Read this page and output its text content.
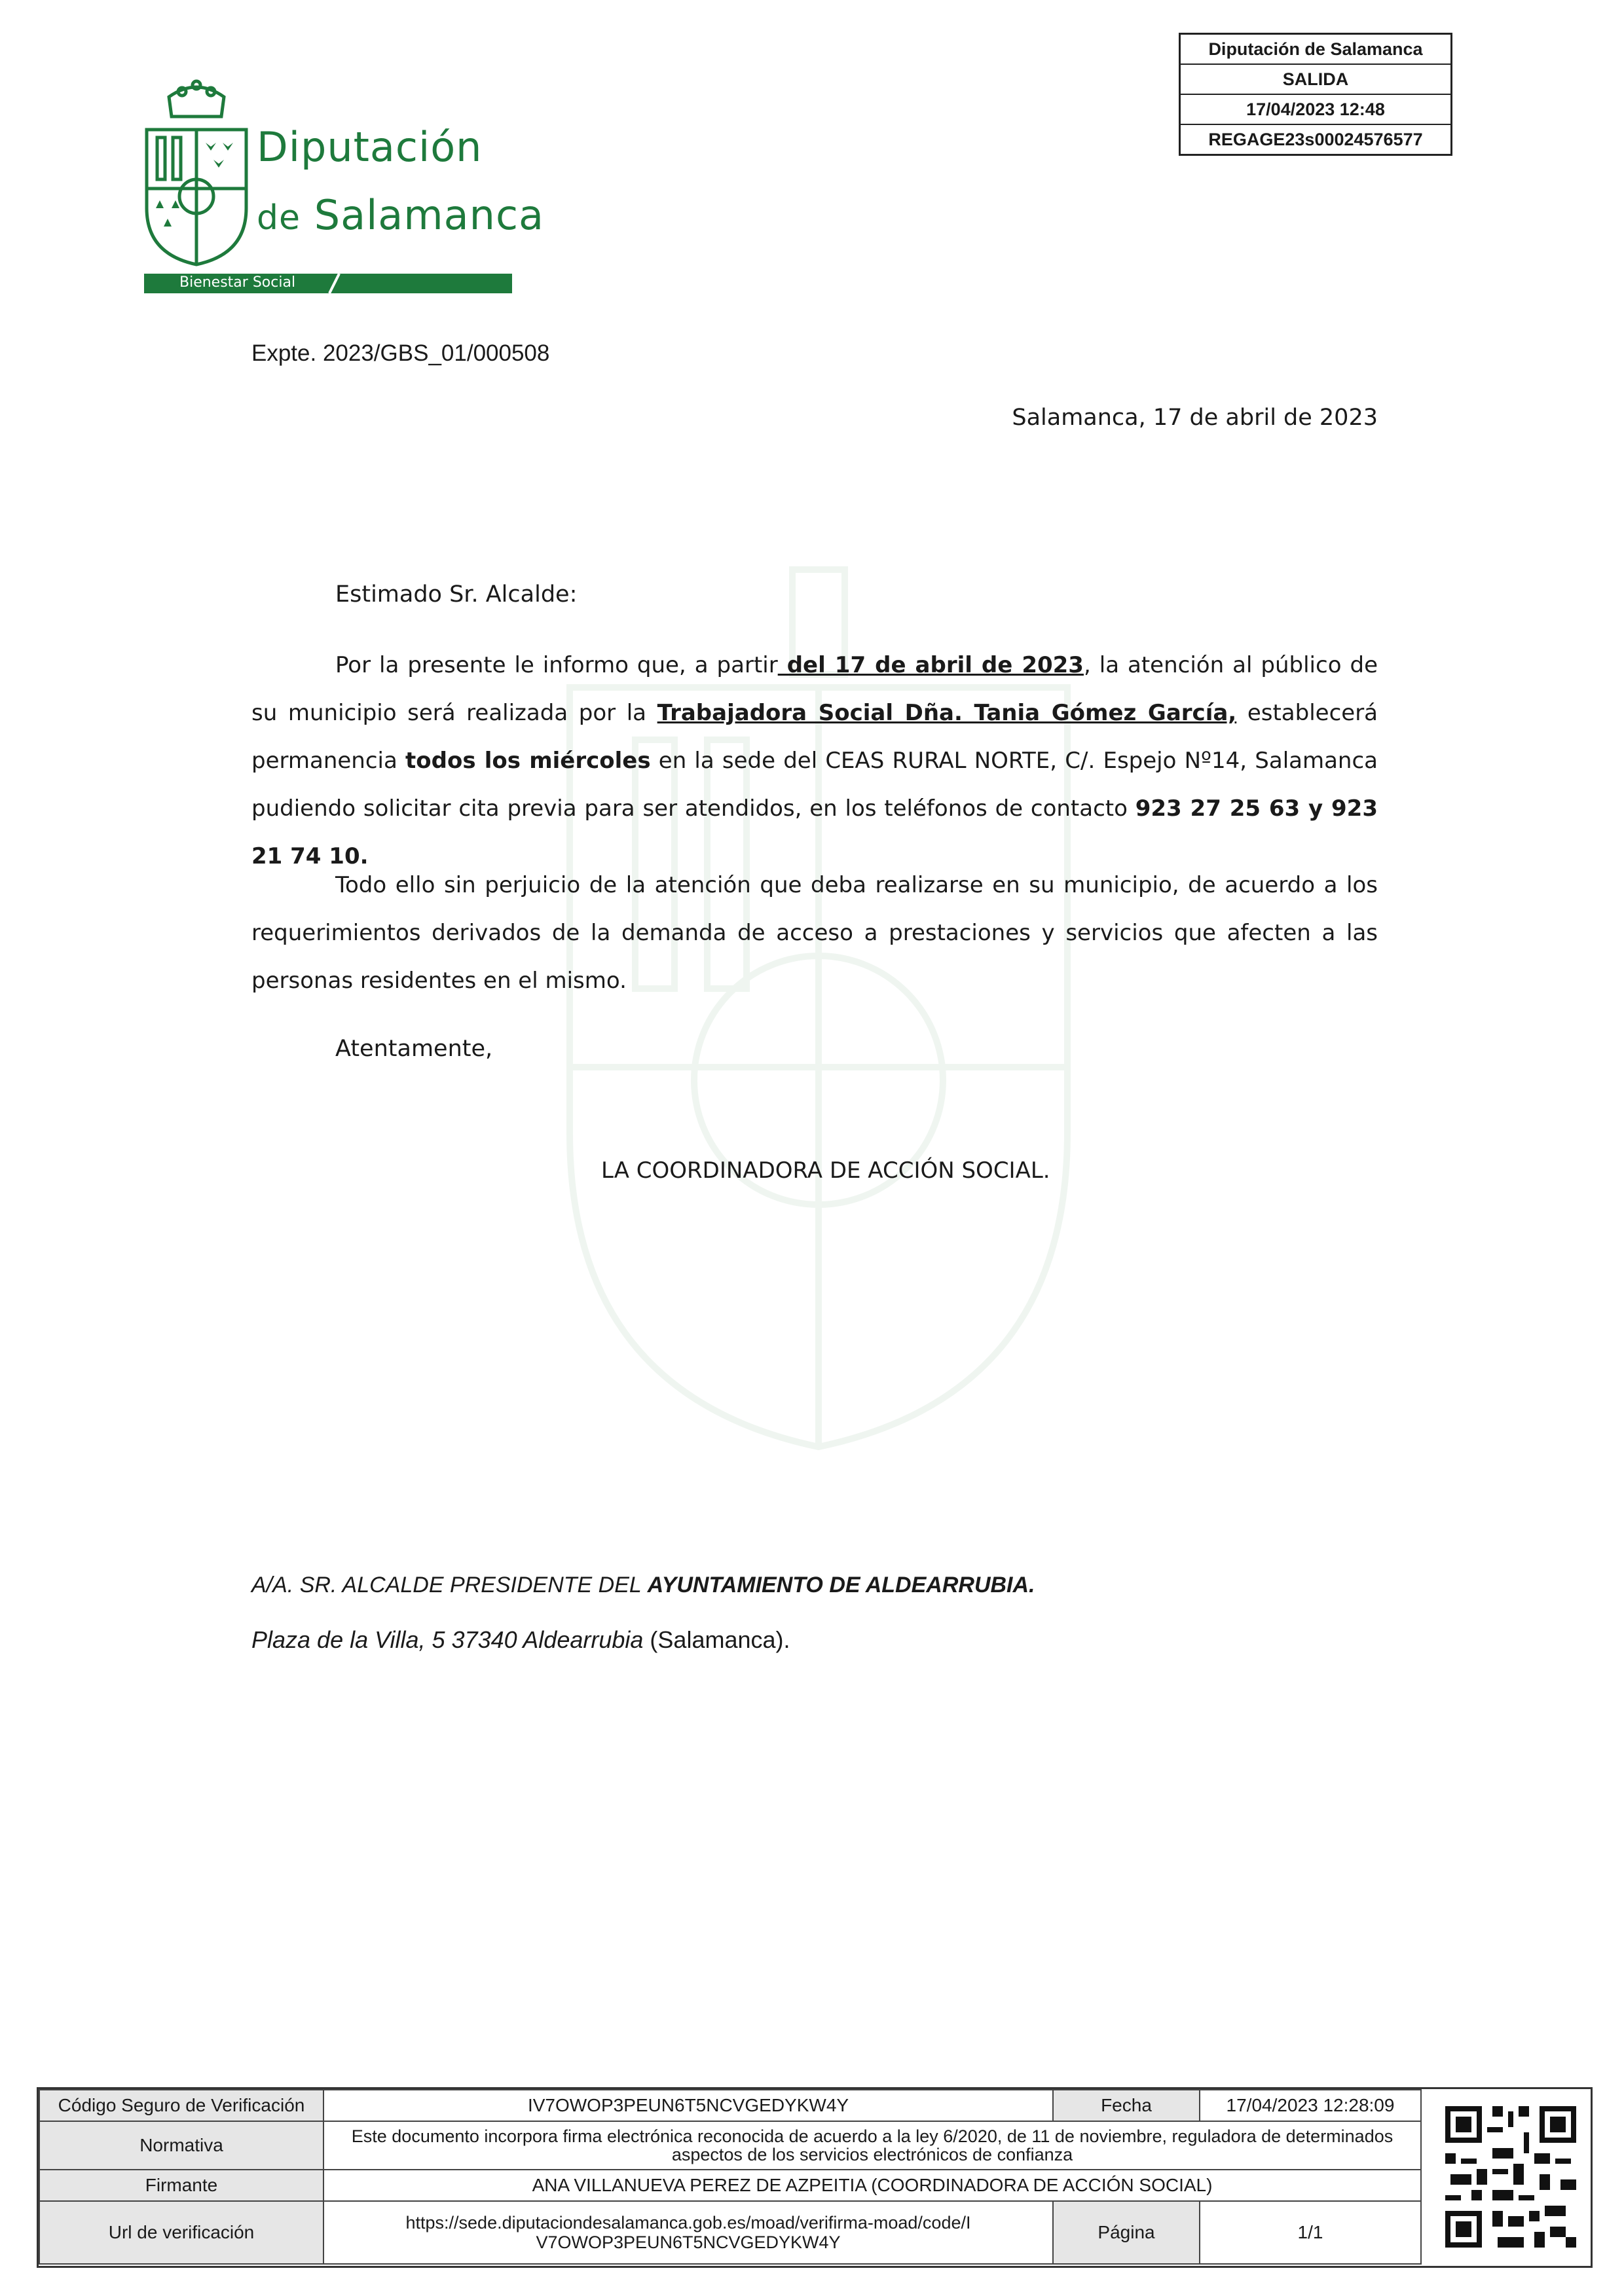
Diputación
de Salamanca
Bienestar Social
Diputación de Salamanca
SALIDA
17/04/2023 12:48
REGAGE23s00024576577
Expte. 2023/GBS_01/000508
Salamanca, 17 de abril de 2023
Estimado Sr. Alcalde:

Por la presente le informo que, a partir del 17 de abril de 2023, la atención al público de su municipio será realizada por la Trabajadora Social Dña. Tania Gómez García, establecerá permanencia todos los miércoles en la sede del CEAS RURAL NORTE, C/. Espejo Nº14, Salamanca pudiendo solicitar cita previa para ser atendidos, en los teléfonos de contacto 923 27 25 63 y 923 21 74 10.

Todo ello sin perjuicio de la atención que deba realizarse en su municipio, de acuerdo a los requerimientos derivados de la demanda de acceso a prestaciones y servicios que afecten a las personas residentes en el mismo.

Atentamente,
LA COORDINADORA DE ACCIÓN SOCIAL.
A/A. SR. ALCALDE PRESIDENTE DEL AYUNTAMIENTO DE ALDEARRUBIA.
Plaza de la Villa, 5 37340 Aldearrubia (Salamanca).
Código Seguro de Verificación	IV7OWOP3PEUN6T5NCVGEDYKW4Y	Fecha	17/04/2023 12:28:09
Normativa	Este documento incorpora firma electrónica reconocida de acuerdo a la ley 6/2020, de 11 de noviembre, reguladora de determinados aspectos de los servicios electrónicos de confianza		
Firmante	ANA VILLANUEVA PEREZ DE AZPEITIA (COORDINADORA DE ACCIÓN SOCIAL)		
Url de verificación	https://sede.diputaciondesalamanca.gob.es/moad/verifirma-moad/code/IV7OWOP3PEUN6T5NCVGEDYKW4Y	Página	1/1
